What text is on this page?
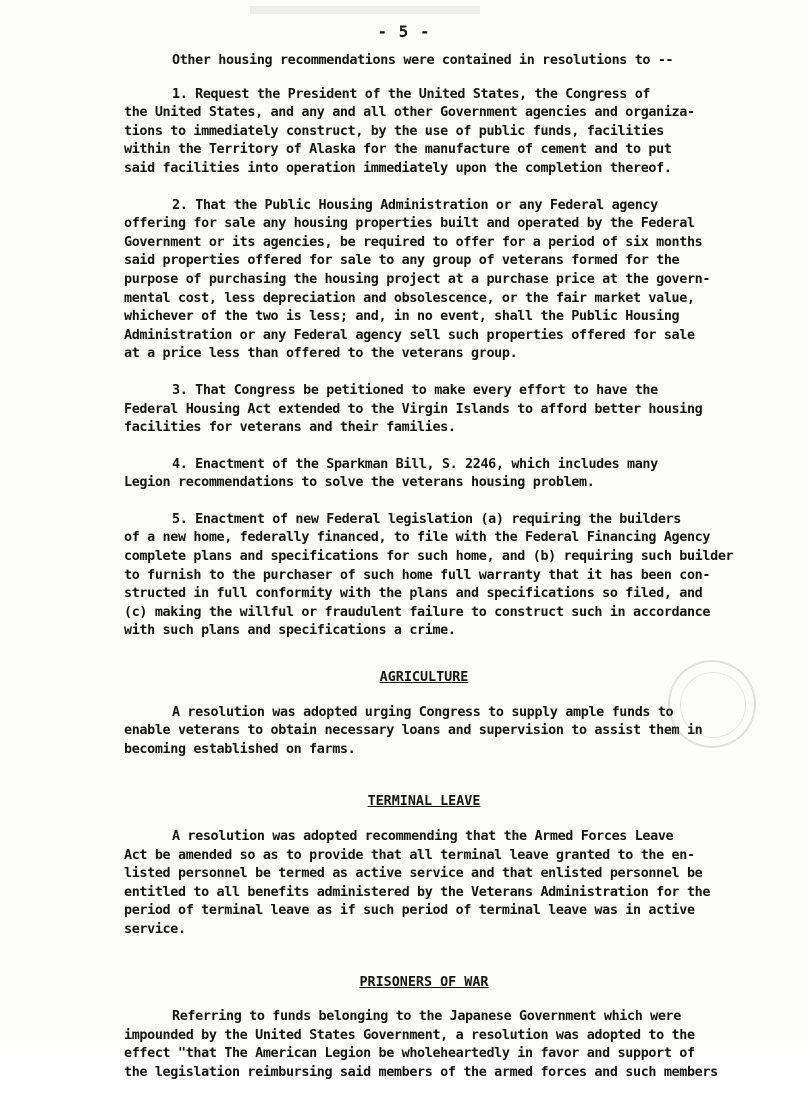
- 5 -
Other housing recommendations were contained in resolutions to --
1. Request the President of the United States, the Congress of
the United States, and any and all other Government agencies and organiza-
tions to immediately construct, by the use of public funds, facilities
within the Territory of Alaska for the manufacture of cement and to put
said facilities into operation immediately upon the completion thereof.
2. That the Public Housing Administration or any Federal agency
offering for sale any housing properties built and operated by the Federal
Government or its agencies, be required to offer for a period of six months
said properties offered for sale to any group of veterans formed for the
purpose of purchasing the housing project at a purchase price at the govern-
mental cost, less depreciation and obsolescence, or the fair market value,
whichever of the two is less; and, in no event, shall the Public Housing
Administration or any Federal agency sell such properties offered for sale
at a price less than offered to the veterans group.
3. That Congress be petitioned to make every effort to have the
Federal Housing Act extended to the Virgin Islands to afford better housing
facilities for veterans and their families.
4. Enactment of the Sparkman Bill, S. 2246, which includes many
Legion recommendations to solve the veterans housing problem.
5. Enactment of new Federal legislation (a) requiring the builders
of a new home, federally financed, to file with the Federal Financing Agency
complete plans and specifications for such home, and (b) requiring such builder
to furnish to the purchaser of such home full warranty that it has been con-
structed in full conformity with the plans and specifications so filed, and
(c) making the willful or fraudulent failure to construct such in accordance
with such plans and specifications a crime.
AGRICULTURE
A resolution was adopted urging Congress to supply ample funds to
enable veterans to obtain necessary loans and supervision to assist them in
becoming established on farms.
TERMINAL LEAVE
A resolution was adopted recommending that the Armed Forces Leave
Act be amended so as to provide that all terminal leave granted to the en-
listed personnel be termed as active service and that enlisted personnel be
entitled to all benefits administered by the Veterans Administration for the
period of terminal leave as if such period of terminal leave was in active
service.
PRISONERS OF WAR
Referring to funds belonging to the Japanese Government which were
impounded by the United States Government, a resolution was adopted to the
effect "that The American Legion be wholeheartedly in favor and support of
the legislation reimbursing said members of the armed forces and such members
